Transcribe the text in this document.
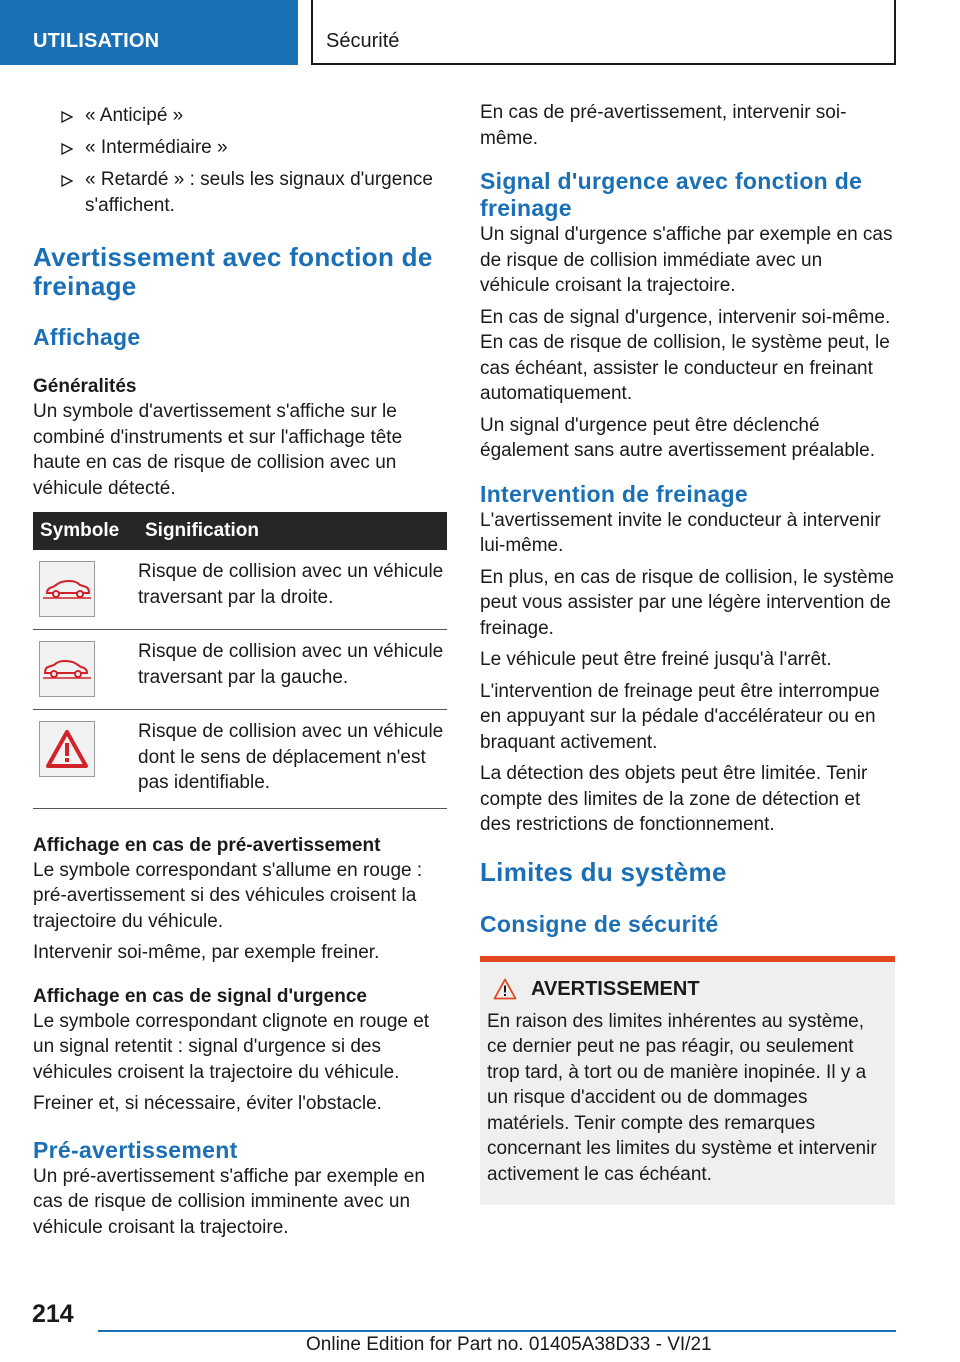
UTILISATION	Sécurité
« Anticipé »
« Intermédiaire »
« Retardé » : seuls les signaux d'urgence s'affichent.
Avertissement avec fonction de freinage
Affichage
Généralités

Un symbole d'avertissement s'affiche sur le combiné d'instruments et sur l'affichage tête haute en cas de risque de collision avec un véhicule détecté.

Symbole	Signification

	Risque de collision avec un véhicule traversant par la droite.

	Risque de collision avec un véhicule traversant par la gauche.

	Risque de collision avec un véhicule dont le sens de déplacement n'est pas identifiable.
Affichage en cas de pré-avertissement

Le symbole correspondant s'allume en rouge : pré-avertissement si des véhicules croisent la trajectoire du véhicule.

Intervenir soi-même, par exemple freiner.

Affichage en cas de signal d'urgence

Le symbole correspondant clignote en rouge et un signal retentit : signal d'urgence si des véhicules croisent la trajectoire du véhicule.

Freiner et, si nécessaire, éviter l'obstacle.

Pré-avertissement

Un pré-avertissement s'affiche par exemple en cas de risque de collision imminente avec un véhicule croisant la trajectoire.

En cas de pré-avertissement, intervenir soi-même.

Signal d'urgence avec fonction de freinage

Un signal d'urgence s'affiche par exemple en cas de risque de collision immédiate avec un véhicule croisant la trajectoire.

En cas de signal d'urgence, intervenir soi-même. En cas de risque de collision, le système peut, le cas échéant, assister le conducteur en freinant automatiquement.

Un signal d'urgence peut être déclenché également sans autre avertissement préalable.

Intervention de freinage

L'avertissement invite le conducteur à intervenir lui-même.

En plus, en cas de risque de collision, le système peut vous assister par une légère intervention de freinage.

Le véhicule peut être freiné jusqu'à l'arrêt.

L'intervention de freinage peut être interrompue en appuyant sur la pédale d'accélérateur ou en braquant activement.

La détection des objets peut être limitée. Tenir compte des limites de la zone de détection et des restrictions de fonctionnement.

Limites du système
Consigne de sécurité
AVERTISSEMENT

En raison des limites inhérentes au système, ce dernier peut ne pas réagir, ou seulement trop tard, à tort ou de manière inopinée. Il y a un risque d'accident ou de dommages matériels. Tenir compte des remarques concernant les limites du système et intervenir activement le cas échéant.

214
Online Edition for Part no. 01405A38D33 - VI/21
